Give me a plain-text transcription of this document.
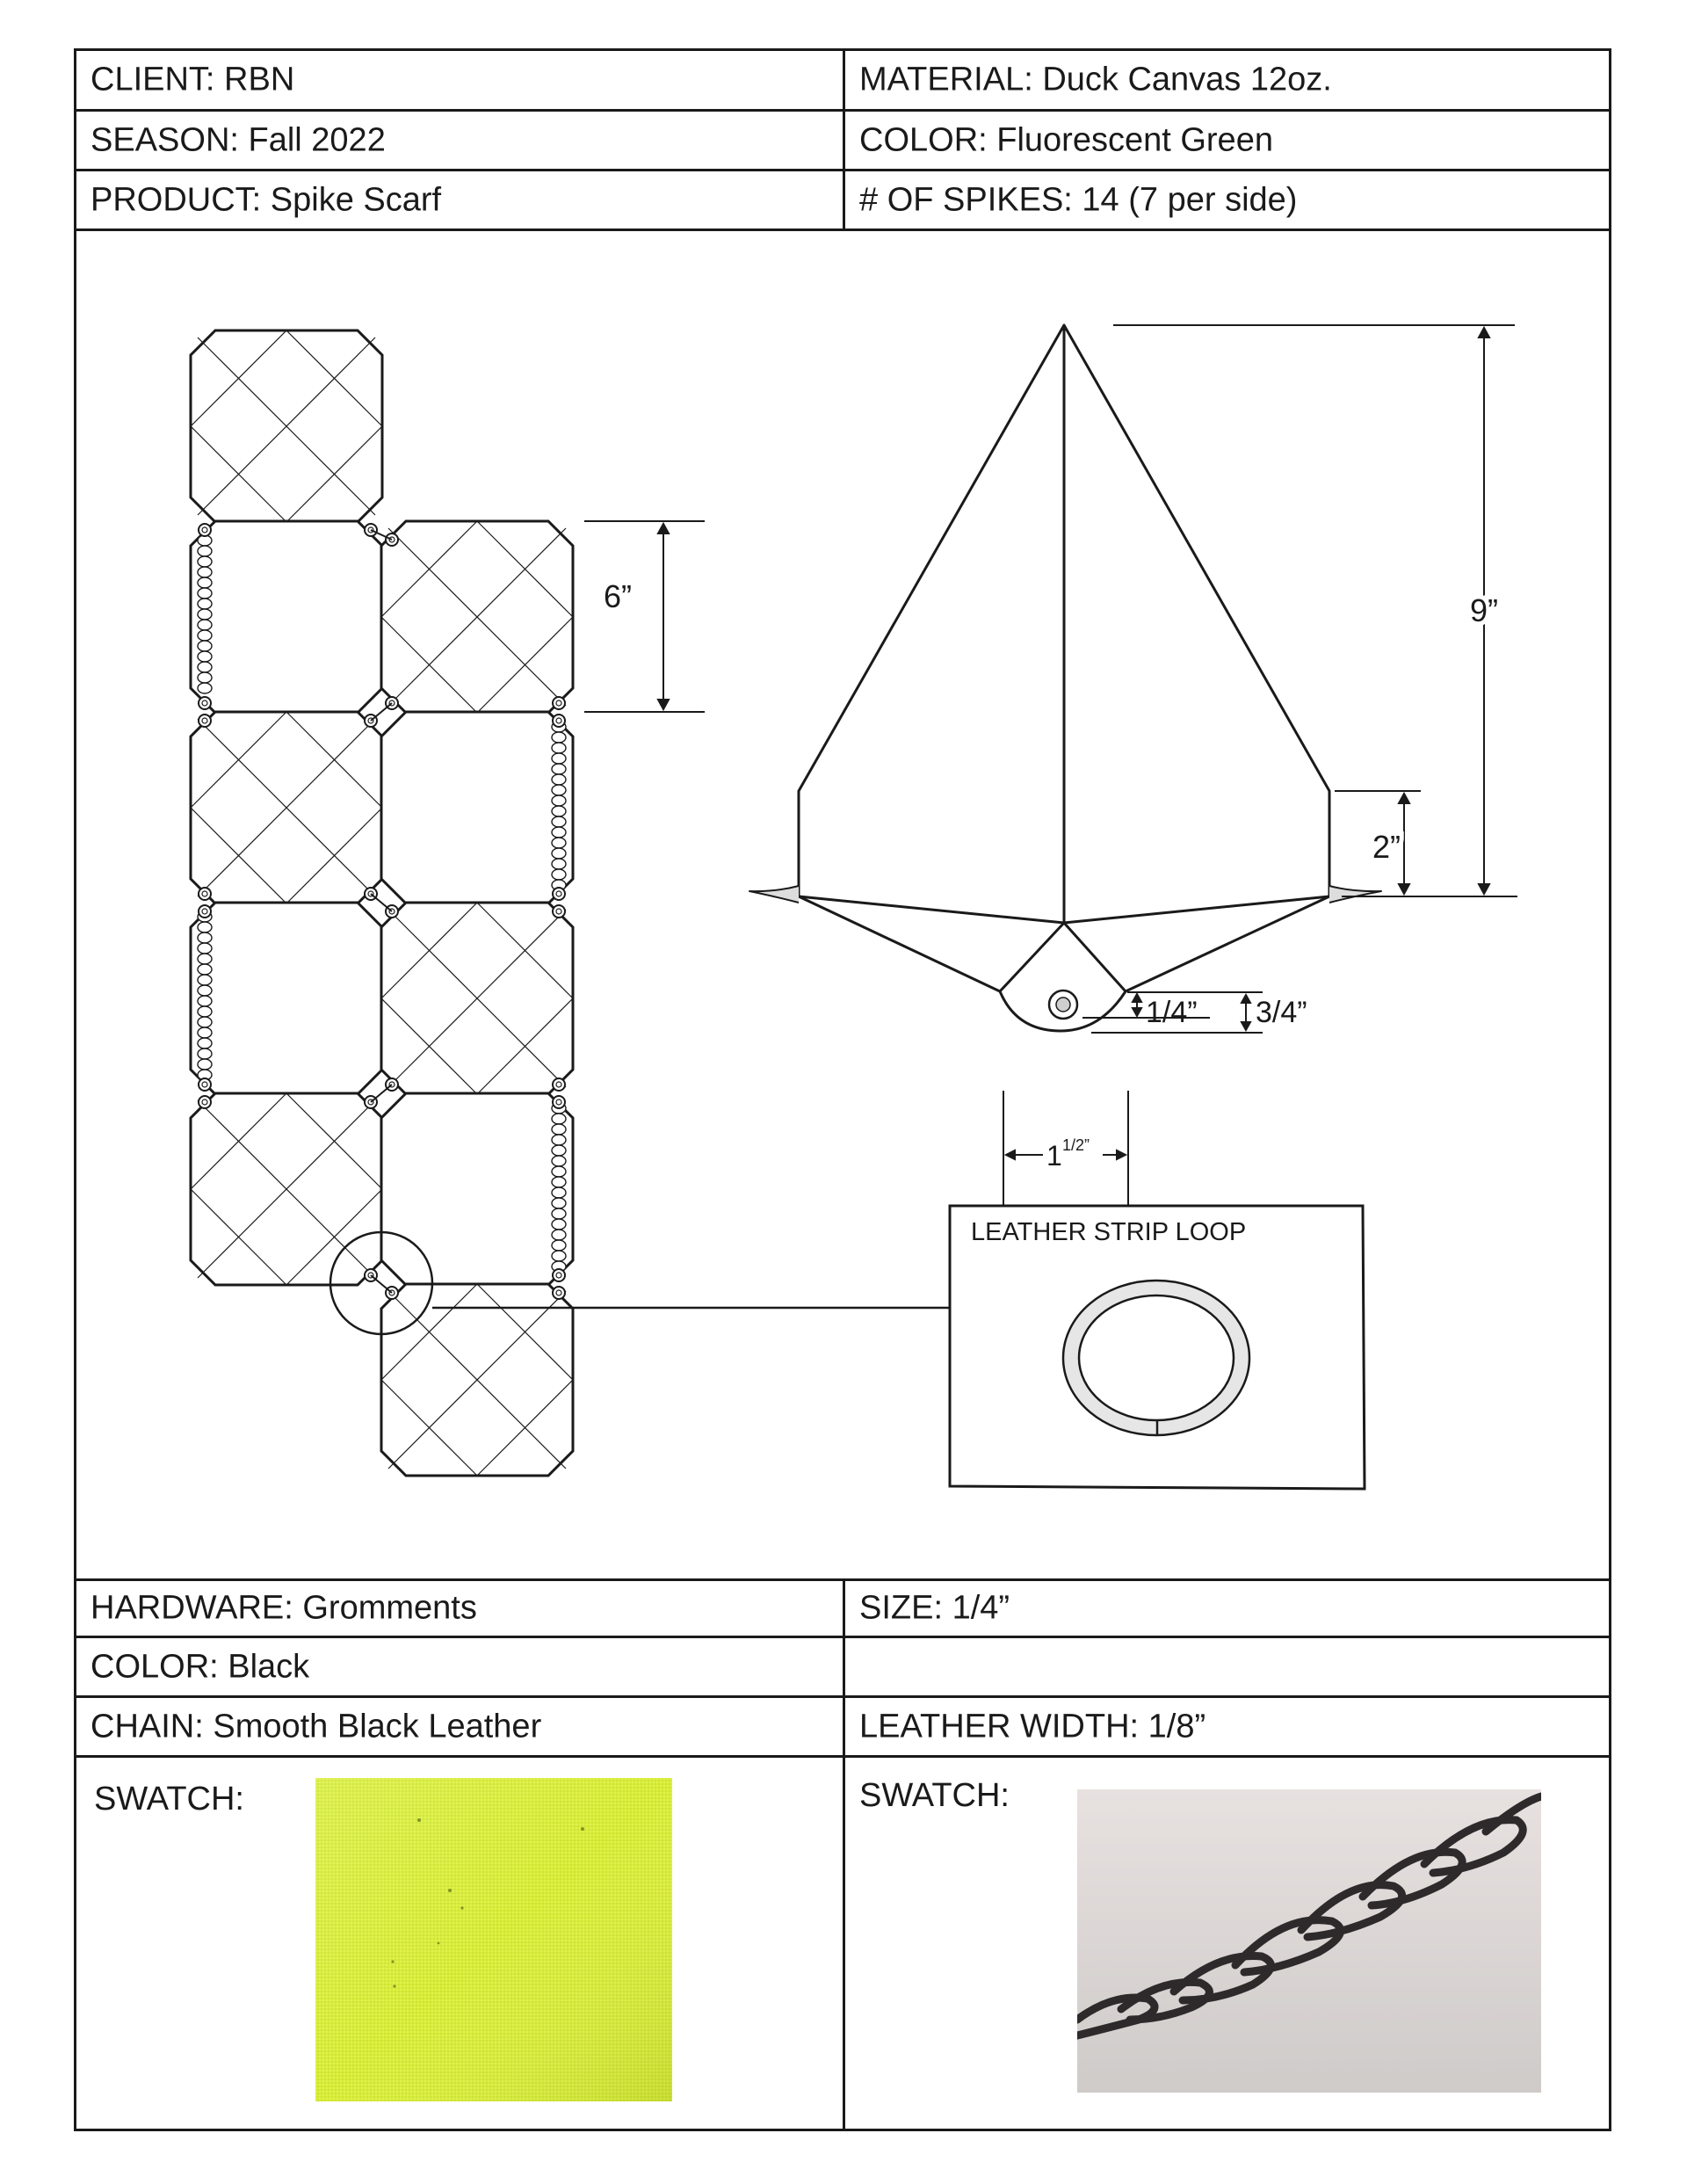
CLIENT: RBN	MATERIAL: Duck Canvas 12oz.
SEASON: Fall 2022	COLOR: Fluorescent Green
PRODUCT: Spike Scarf	# OF SPIKES: 14 (7 per side)
6”	9”
2”
1/4” 3/4”
1 1/2”
LEATHER STRIP LOOP
HARDWARE: Gromments	SIZE: 1/4”
COLOR: Black
CHAIN: Smooth Black Leather	LEATHER WIDTH: 1/8”
SWATCH:	SWATCH:
